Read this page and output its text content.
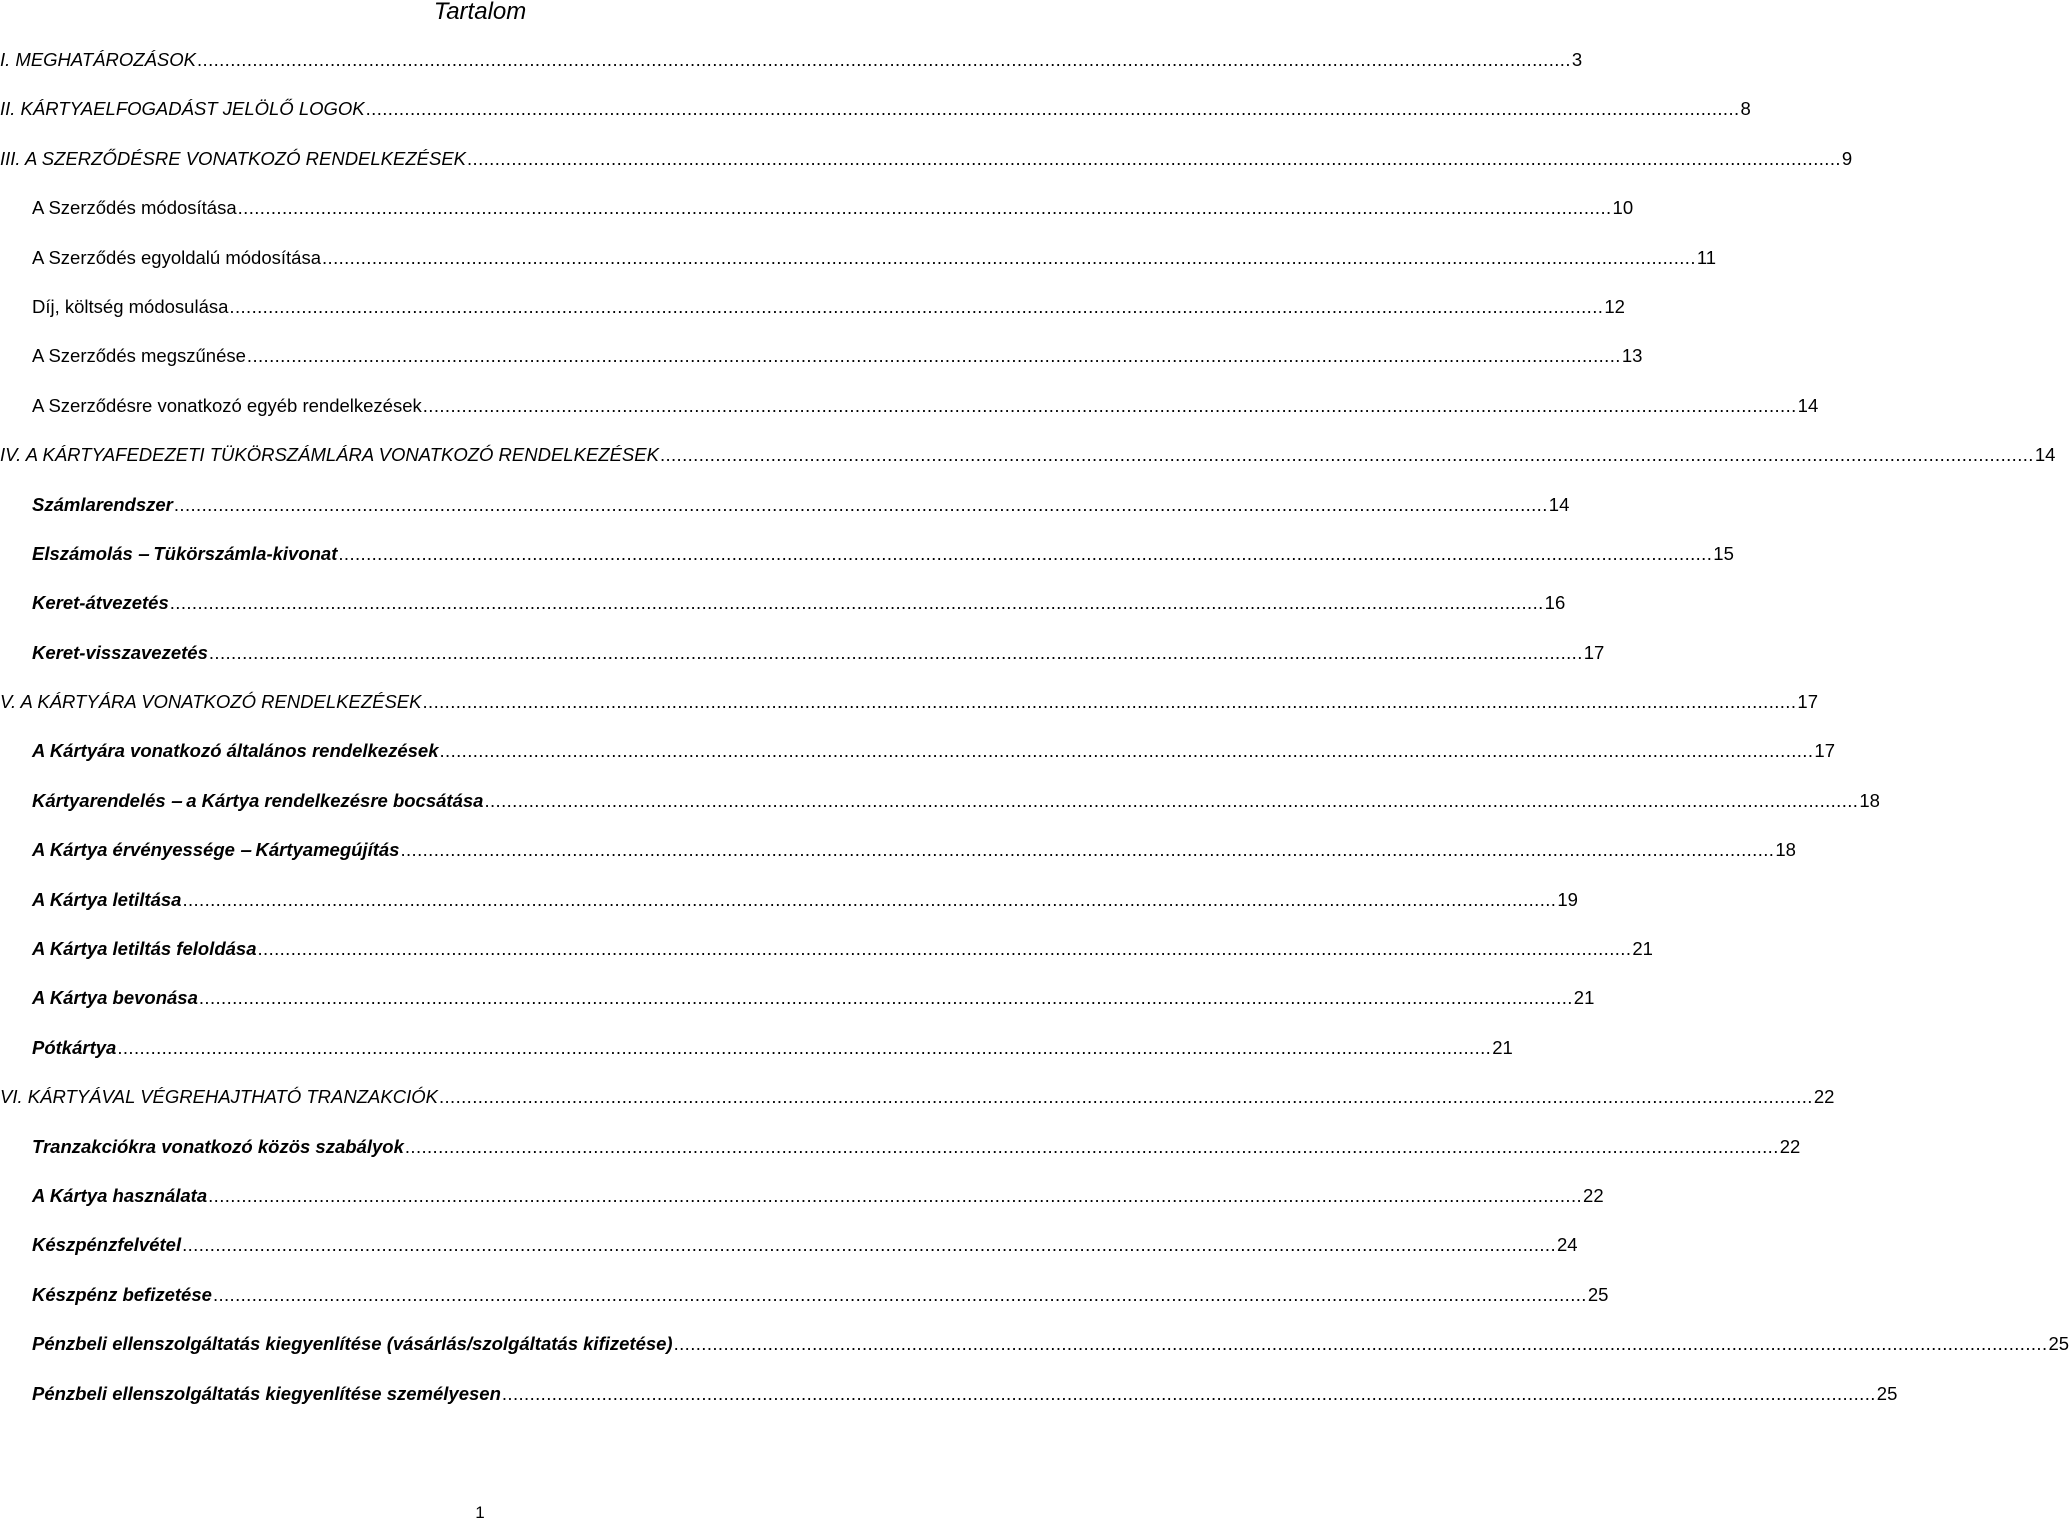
Tartalom
I. MEGHATÁROZÁSOK .....	3
II. KÁRTYAELFOGADÁST JELÖLŐ LOGOK .....	8
III. A SZERZŐDÉSRE VONATKOZÓ RENDELKEZÉSEK .....	9
A Szerződés módosítása .....	10
A Szerződés egyoldalú módosítása .....	11
Díj, költség módosulása .....	12
A Szerződés megszűnése .....	13
A Szerződésre vonatkozó egyéb rendelkezések .....	14
IV. A KÁRTYAFEDEZETI TÜKÖRSZÁMLÁRA VONATKOZÓ RENDELKEZÉSEK .....	14
Számlarendszer .....	14
Elszámolás ‒ Tükörszámla-kivonat .....	15
Keret-átvezetés .....	16
Keret-visszavezetés .....	17
V. A KÁRTYÁRA VONATKOZÓ RENDELKEZÉSEK .....	17
A Kártyára vonatkozó általános rendelkezések .....	17
Kártyarendelés ‒ a Kártya rendelkezésre bocsátása .....	18
A Kártya érvényessége ‒ Kártyamegújítás .....	18
A Kártya letiltása .....	19
A Kártya letiltás feloldása .....	21
A Kártya bevonása .....	21
Pótkártya .....	21
VI. KÁRTYÁVAL VÉGREHAJTHATÓ TRANZAKCIÓK .....	22
Tranzakciókra vonatkozó közös szabályok .....	22
A Kártya használata .....	22
Készpénzfelvétel .....	24
Készpénz befizetése .....	25
Pénzbeli ellenszolgáltatás kiegyenlítése (vásárlás/szolgáltatás kifizetése) .....	25
Pénzbeli ellenszolgáltatás kiegyenlítése személyesen .....	25
1
